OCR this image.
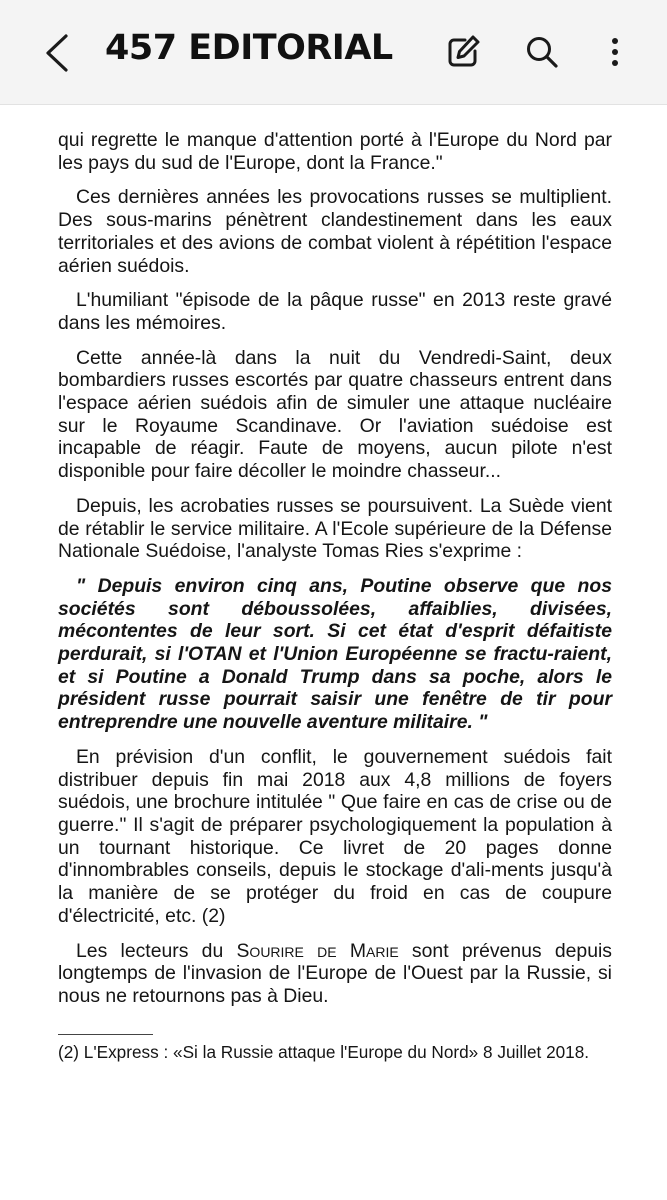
457 EDITORIAL

qui regrette le manque d'attention porté à l'Europe du Nord par les pays du sud de l'Europe, dont la France."

Ces dernières années les provocations russes se multiplient. Des sous-marins pénètrent clandestinement dans les eaux territoriales et des avions de combat violent à répétition l'espace aérien suédois.

L'humiliant "épisode de la pâque russe" en 2013 reste gravé dans les mémoires.

Cette année-là dans la nuit du Vendredi-Saint, deux bombardiers russes escortés par quatre chasseurs entrent dans l'espace aérien suédois afin de simuler une attaque nucléaire sur le Royaume Scandinave. Or l'aviation suédoise est incapable de réagir. Faute de moyens, aucun pilote n'est disponible pour faire décoller le moindre chasseur...

Depuis, les acrobaties russes se poursuivent. La Suède vient de rétablir le service militaire. A l'Ecole supérieure de la Défense Nationale Suédoise, l'analyste Tomas Ries s'exprime :

" Depuis environ cinq ans, Poutine observe que nos sociétés sont déboussolées, affaiblies, divisées, mécontentes de leur sort. Si cet état d'esprit défaitiste perdurait, si l'OTAN et l'Union Européenne se fractu-raient, et si Poutine a Donald Trump dans sa poche, alors le président russe pourrait saisir une fenêtre de tir pour entreprendre une nouvelle aventure militaire. "

En prévision d'un conflit, le gouvernement suédois fait distribuer depuis fin mai 2018 aux 4,8 millions de foyers suédois, une brochure intitulée " Que faire en cas de crise ou de guerre." Il s'agit de préparer psychologiquement la population à un tournant historique. Ce livret de 20 pages donne d'innombrables conseils, depuis le stockage d'ali-ments jusqu'à la manière de se protéger du froid en cas de coupure d'électricité, etc. (2)

Les lecteurs du Sourire de Marie sont prévenus depuis longtemps de l'invasion de l'Europe de l'Ouest par la Russie, si nous ne retournons pas à Dieu.

(2) L'Express : «Si la Russie attaque l'Europe du Nord» 8 Juillet 2018.
